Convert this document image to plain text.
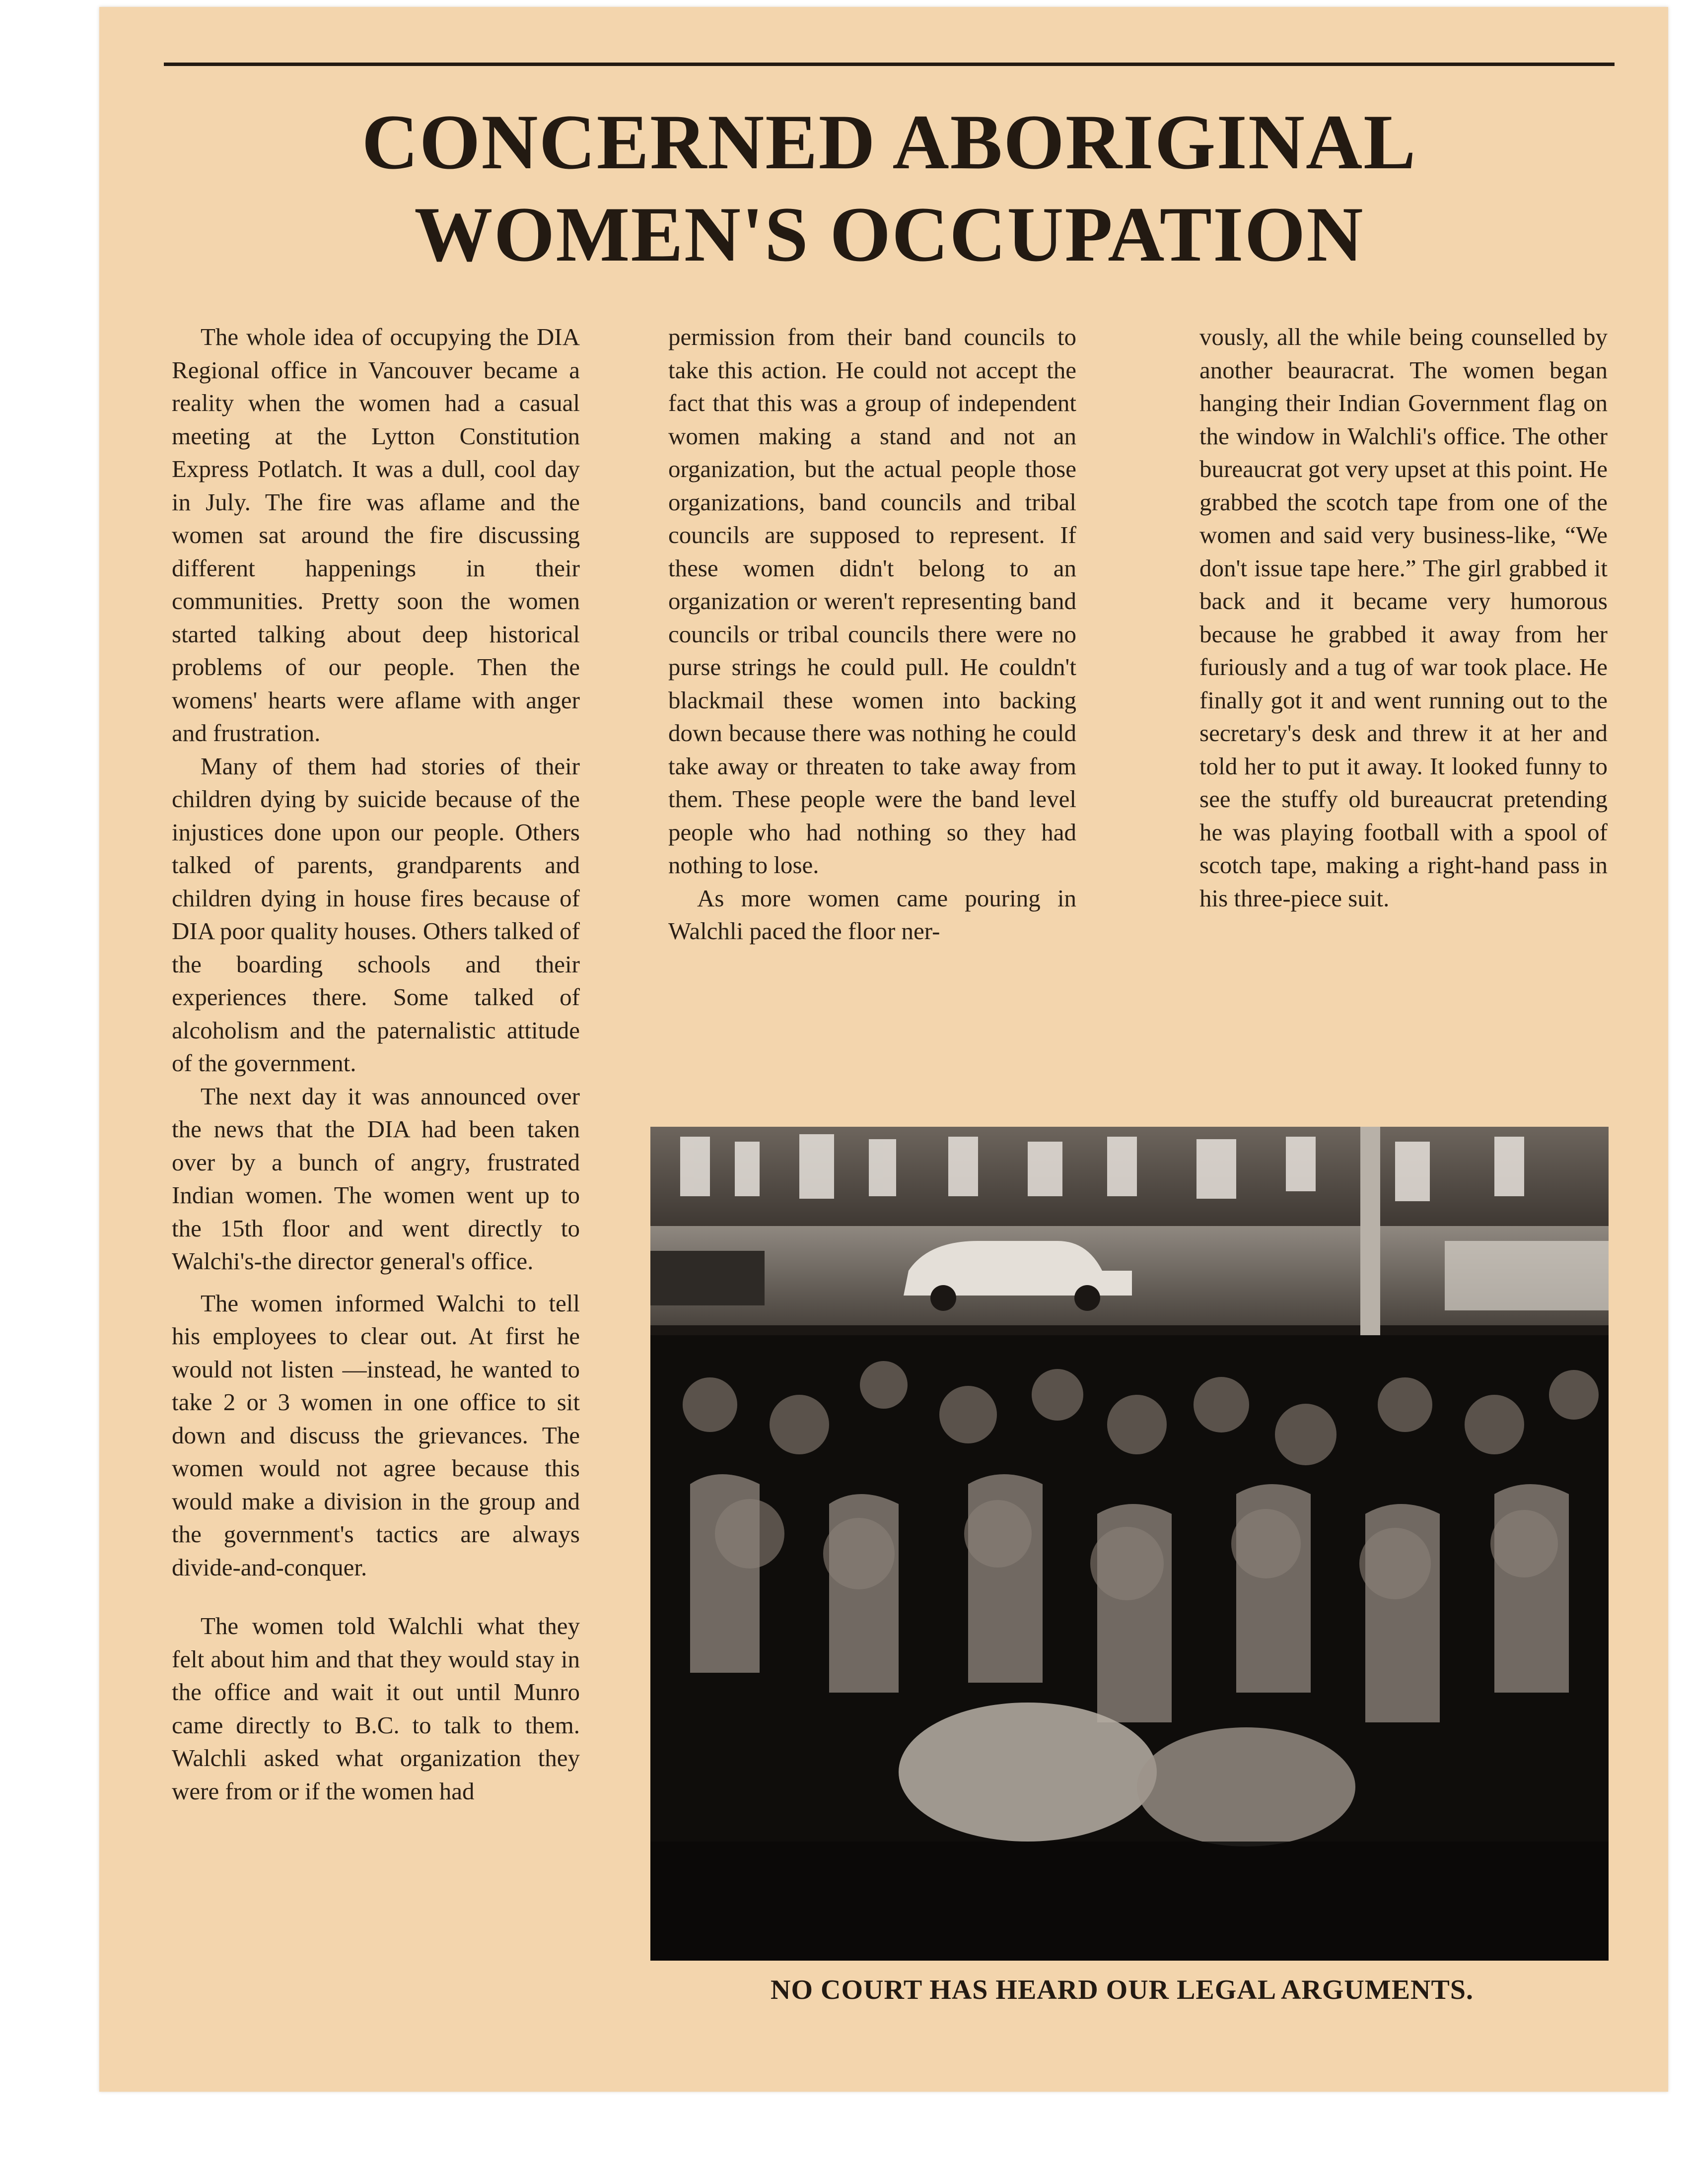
CONCERNED ABORIGINAL
WOMEN'S OCCUPATION

The whole idea of occupying the DIA Regional office in Vancouver became a reality when the women had a casual meeting at the Lytton Constitution Express Potlatch. It was a dull, cool day in July. The fire was aflame and the women sat around the fire discussing different happenings in their communities. Pretty soon the women started talking about deep historical problems of our people. Then the womens' hearts were aflame with anger and frustration.

Many of them had stories of their children dying by suicide because of the injustices done upon our people. Others talked of parents, grandparents and children dying in house fires because of DIA poor quality houses. Others talked of the boarding schools and their experiences there. Some talked of alcoholism and the paternalistic attitude of the government.

The next day it was announced over the news that the DIA had been taken over by a bunch of angry, frustrated Indian women. The women went up to the 15th floor and went directly to Walchi's-the director general's office.

The women informed Walchi to tell his employees to clear out. At first he would not listen —instead, he wanted to take 2 or 3 women in one office to sit down and discuss the grievances. The women would not agree because this would make a division in the group and the government's tactics are always divide-and-conquer.

The women told Walchli what they felt about him and that they would stay in the office and wait it out until Munro came directly to B.C. to talk to them. Walchli asked what organization they were from or if the women had

permission from their band councils to take this action. He could not accept the fact that this was a group of independent women making a stand and not an organization, but the actual people those organizations, band councils and tribal councils are supposed to represent. If these women didn't belong to an organization or weren't representing band councils or tribal councils there were no purse strings he could pull. He couldn't blackmail these women into backing down because there was nothing he could take away or threaten to take away from them. These people were the band level people who had nothing so they had nothing to lose.

As more women came pouring in Walchli paced the floor ner-

vously, all the while being counselled by another beauracrat. The women began hanging their Indian Government flag on the window in Walchli's office. The other bureaucrat got very upset at this point. He grabbed the scotch tape from one of the women and said very business-like, “We don't issue tape here.” The girl grabbed it back and it became very humorous because he grabbed it away from her furiously and a tug of war took place. He finally got it and went running out to the secretary's desk and threw it at her and told her to put it away. It looked funny to see the stuffy old bureaucrat pretending he was playing football with a spool of scotch tape, making a right-hand pass in his three-piece suit.

NO COURT HAS HEARD OUR LEGAL ARGUMENTS.
